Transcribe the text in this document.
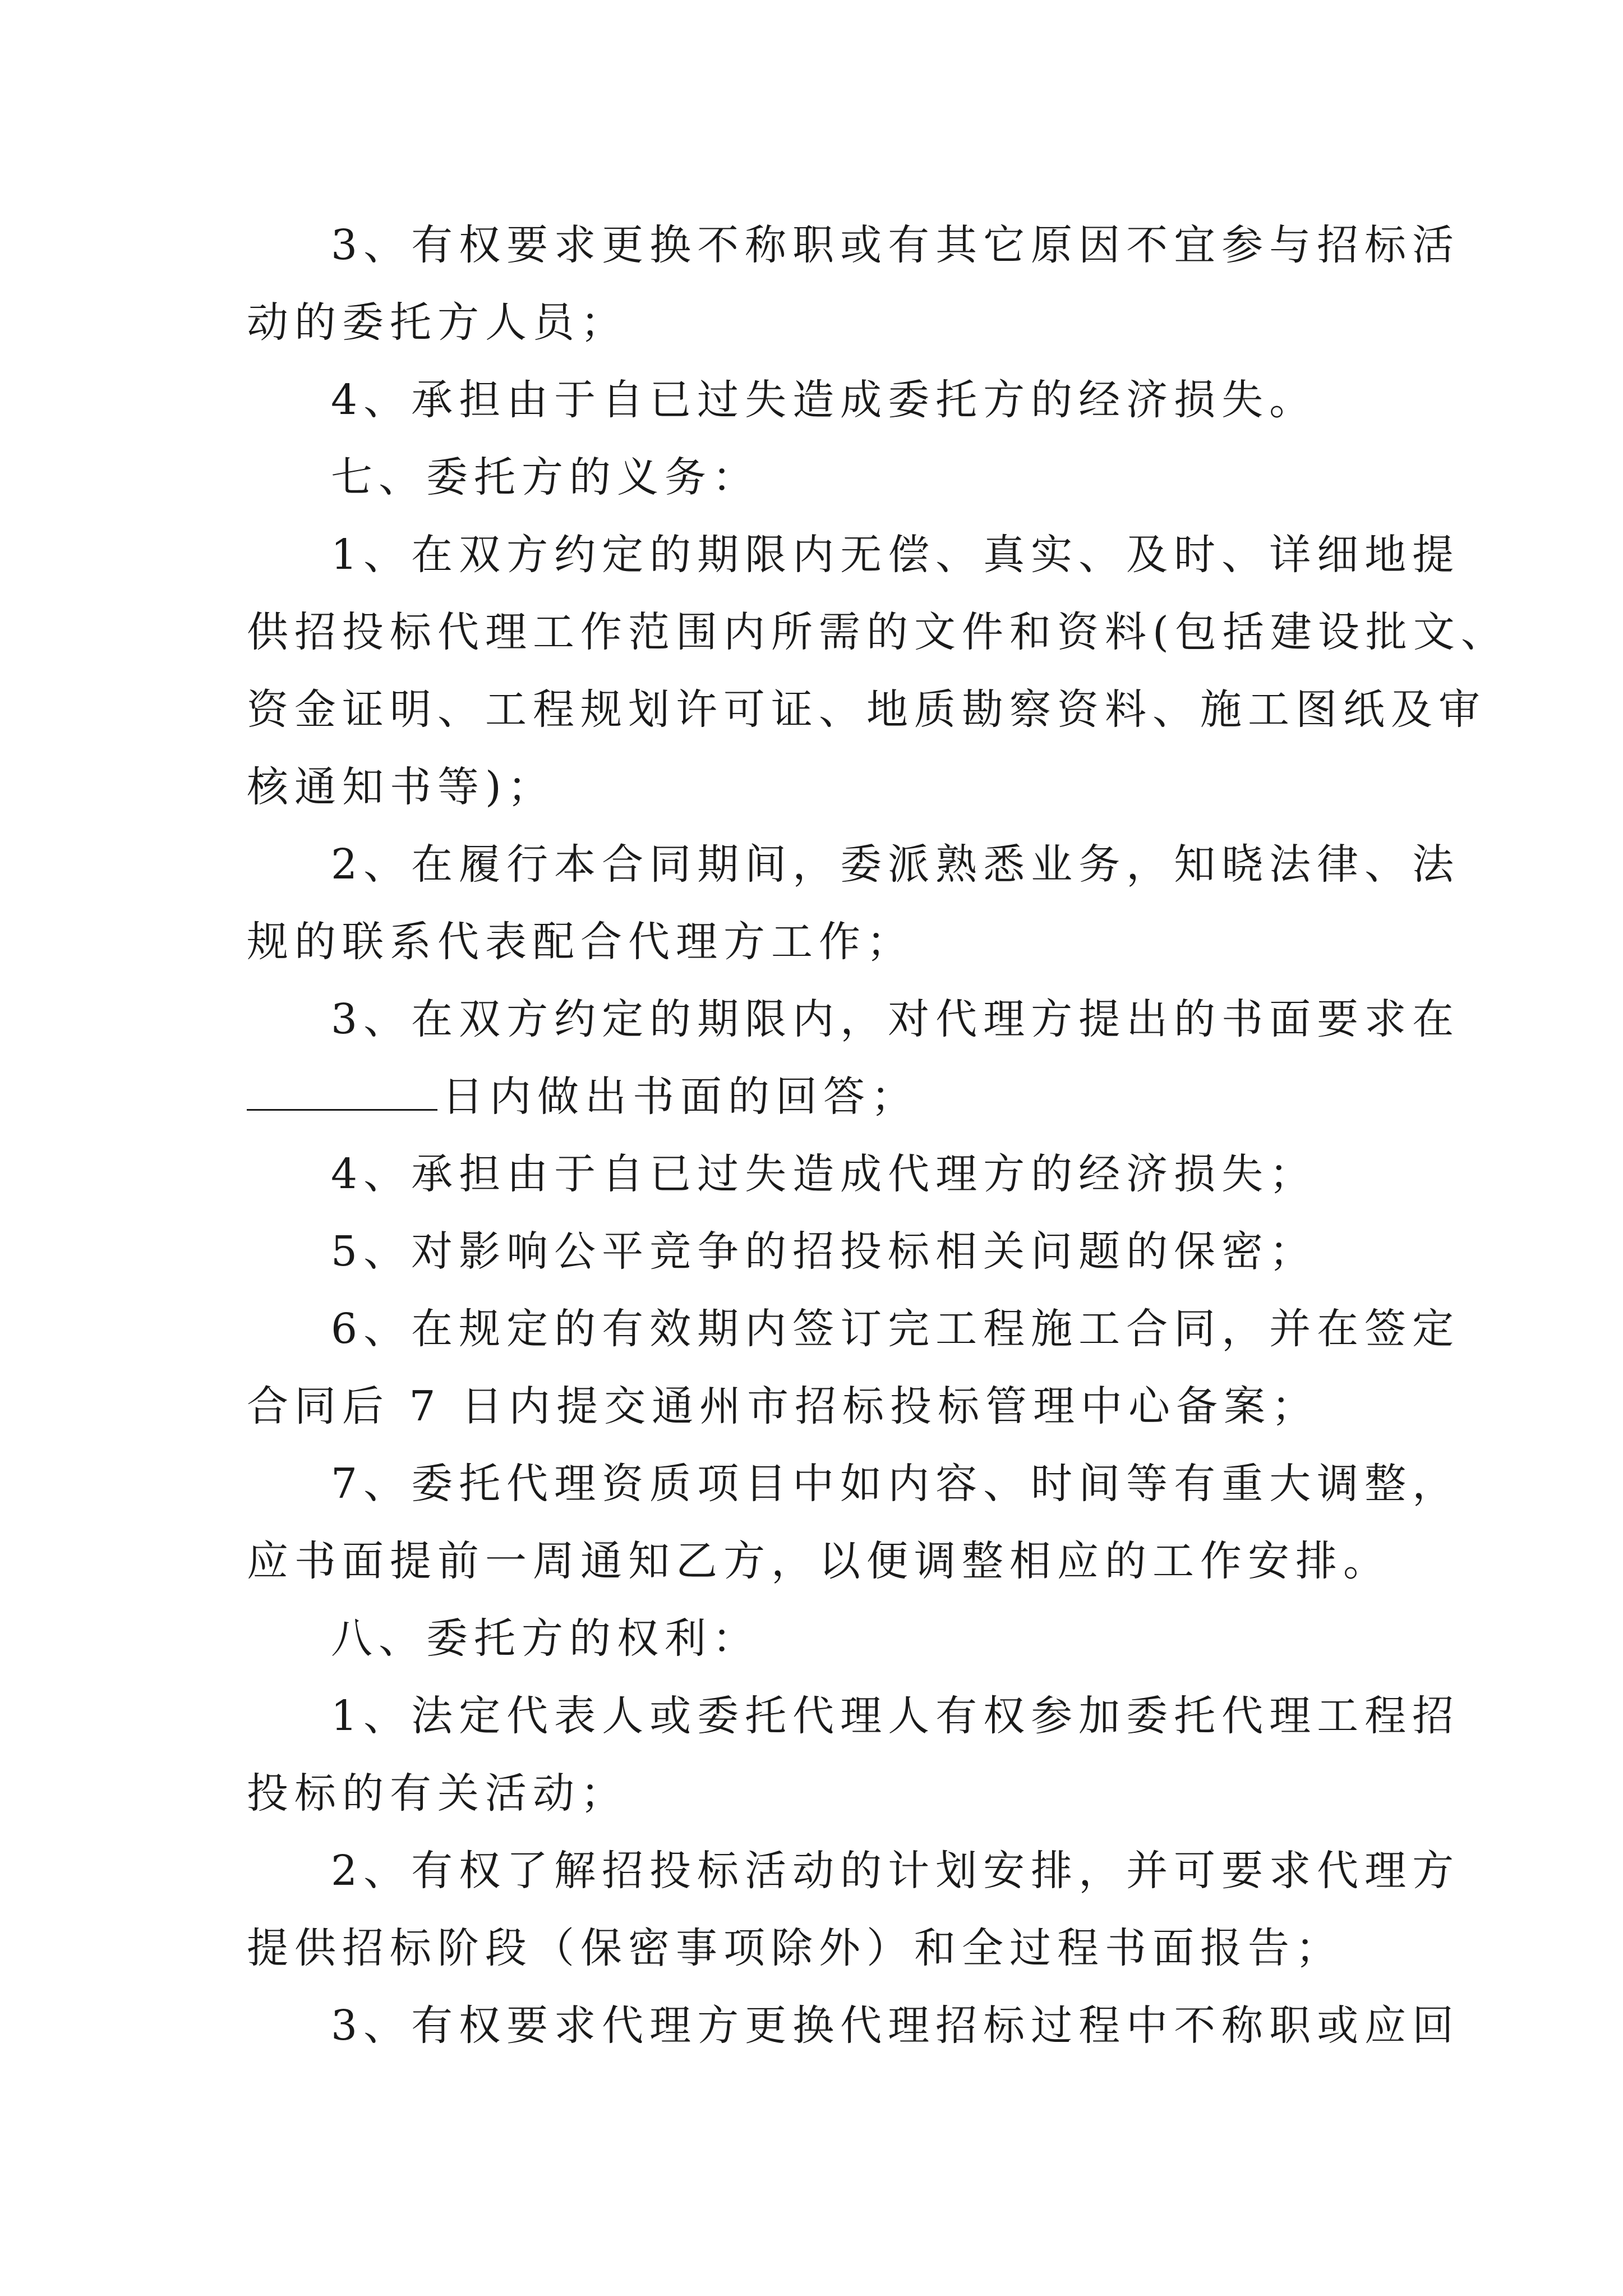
3、有权要求更换不称职或有其它原因不宜参与招标活
动的委托方人员；
4、承担由于自已过失造成委托方的经济损失。
七、委托方的义务：
1、在双方约定的期限内无偿、真实、及时、详细地提
供招投标代理工作范围内所需的文件和资料(包括建设批文、
资金证明、工程规划许可证、地质勘察资料、施工图纸及审
核通知书等)；
2、在履行本合同期间，委派熟悉业务，知晓法律、法
规的联系代表配合代理方工作；
3、在双方约定的期限内，对代理方提出的书面要求在
日内做出书面的回答；
4、承担由于自已过失造成代理方的经济损失；
5、对影响公平竞争的招投标相关问题的保密；
6、在规定的有效期内签订完工程施工合同，并在签定
合同后 7 日内提交通州市招标投标管理中心备案；
7、委托代理资质项目中如内容、时间等有重大调整，
应书面提前一周通知乙方，以便调整相应的工作安排。
八、委托方的权利：
1、法定代表人或委托代理人有权参加委托代理工程招
投标的有关活动；
2、有权了解招投标活动的计划安排，并可要求代理方
提供招标阶段（保密事项除外）和全过程书面报告；
3、有权要求代理方更换代理招标过程中不称职或应回
